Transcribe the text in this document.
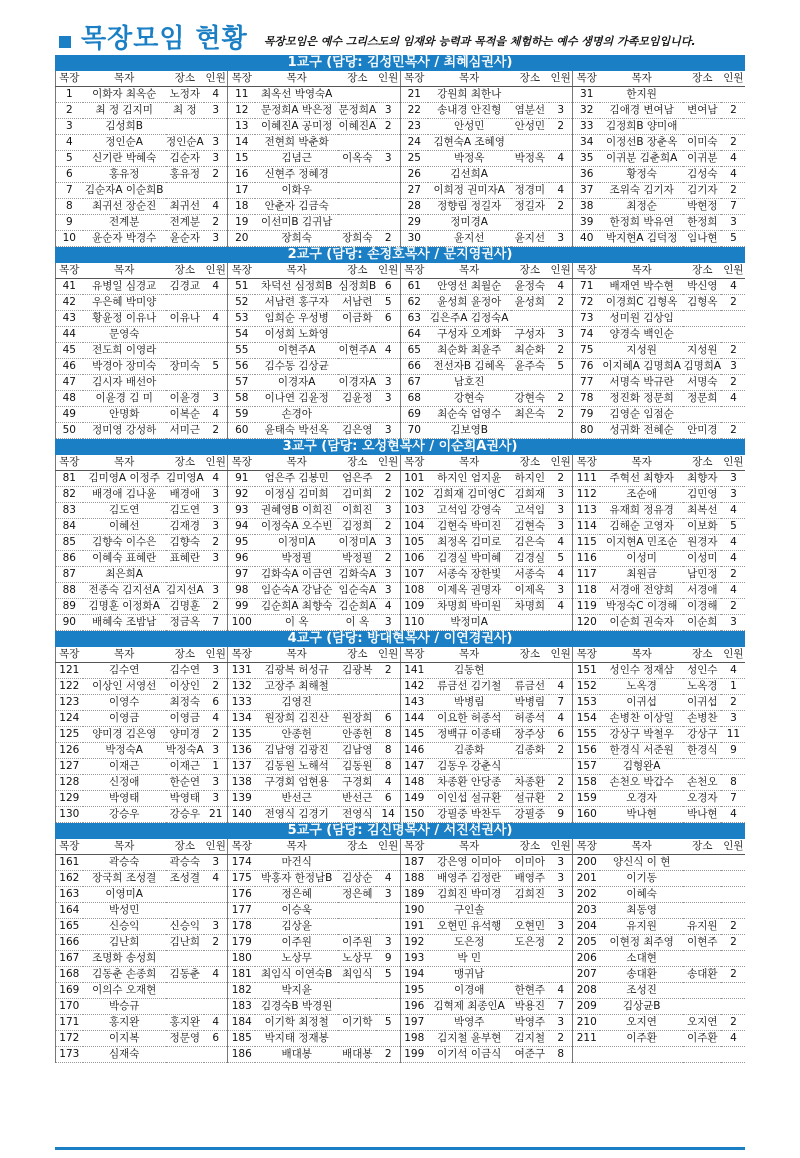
목장모임 현황 목장모임은 예수 그리스도의 임재와 능력과 목적을 체험하는 예수 생명의 가족모임입니다.
1교구 (담당: 김성민목사 / 최혜심권사)
목장	목자	장소	인원	목장	목자	장소	인원	목장	목자	장소	인원	목장	목자	장소	인원
1	이화자 최옥순	노정자	4	11	최옥선 박영숙A			21	강원희 최한나			31	한지원		
2	최 정 김지미	최 정	3	12	문정희A 박은정	문정희A	3	22	송내경 안진형	염분선	3	32	김애경 변여남	변여남	2
3	김성희B			13	이혜진A 공미정	이혜진A	2	23	안성민	안성민	2	33	김정희B 양미애		
4	정인순A	정인순A	3	14	전현희 박춘화			24	김현숙A 조혜영			34	이정선B 장춘옥	이미숙	2
5	신기란 박혜숙	김순자	3	15	김념근	이옥숙	3	25	박정옥	박정옥	4	35	이귀분 김춘희A	이귀분	4
6	홍유정	홍유정	2	16	신현주 정혜경			26	김선희A			36	황정숙	김성숙	4
7	김순자A 이순희B			17	이화우			27	이희정 권미자A	정경미	4	37	조위숙 김기자	김기자	2
8	최귀선 장순진	최귀선	4	18	안춘자 김금숙			28	정향림 정길자	정길자	2	38	최정순	박현정	7
9	전계분	전계분	2	19	이선미B 김귀남			29	정미경A			39	한정희 박유연	한정희	3
10	윤순자 박경수	윤순자	3	20	장희숙	장희숙	2	30	윤지선	윤지선	3	40	박지현A 김덕정	임나현	5
2교구 (담당: 손정호목사 / 문지영권사)
목장	목자	장소	인원	목장	목자	장소	인원	목장	목자	장소	인원	목장	목자	장소	인원
41	유병일 심경교	김경교	4	51	차덕선 심정희B	심정희B	6	61	안영선 최월순	윤정숙	4	71	배재연 박수현	박신영	4
42	우은혜 박미양			52	서남련 홍구자	서남련	5	62	윤성희 윤정아	윤성희	2	72	이경희C 김형옥	김형옥	2
43	황윤정 이유나	이유나	4	53	임희순 우성병	이금화	6	63	김은주A 김정숙A			73	성미원 김상임		
44	문영숙			54	이성희 노화영			64	구성자 오계화	구성자	3	74	양경숙 백인순		
45	전도희 이영라			55	이현주A	이현주A	4	65	최순화 최윤주	최순화	2	75	지성원	지성원	2
46	박경아 장미숙	장미숙	5	56	김수동 김상균			66	전선자B 김혜옥	윤주숙	5	76	이지혜A 김명희A	김명희A	3
47	김시자 배선아			57	이경자A	이경자A	3	67	남호진			77	서명숙 박규란	서명숙	2
48	이윤경 김 미	이윤경	3	58	이나연 김윤정	김윤정	3	68	강현숙	강현숙	2	78	정진화 정문희	정문희	4
49	안명화	이복순	4	59	손경아			69	최순숙 엄영수	최은숙	2	79	김영순 임점순		
50	정미영 강성하	서미근	2	60	윤태숙 박선옥	김은영	3	70	김보영B			80	성귀화 전혜순	안미경	2
3교구 (담당: 오성현목사 / 이순희A권사)
목장	목자	장소	인원	목장	목자	장소	인원	목장	목자	장소	인원	목장	목자	장소	인원
81	김미영A 이정주	김미영A	4	91	엄은주 김봉민	엄은주	2	101	하지인 엄지윤	하지인	2	111	주혁선 최향자	최향자	3
82	배경애 김나윤	배경애	3	92	이정심 김미희	김미희	2	102	김희재 김미영C	김희재	3	112	조순애	김민영	3
83	김도연	김도연	3	93	권혜영B 이희진	이희진	3	103	고석임 강영숙	고석임	3	113	유재희 정유경	최복선	4
84	이혜선	김재경	3	94	이정숙A 오수빈	김정희	2	104	김현숙 박미진	김현숙	3	114	김해순 고영자	이보화	5
85	김향숙 이수은	김향숙	2	95	이정미A	이정미A	3	105	최정옥 김미로	김은숙	4	115	이지현A 민조순	원경자	4
86	이혜숙 표혜란	표혜란	3	96	박정필	박정필	2	106	김경실 박미혜	김경실	5	116	이성미	이성미	4
87	최은희A			97	김화숙A 이금연	김화숙A	3	107	서종숙 장한빛	서종숙	4	117	최원금	남민정	2
88	전종숙 김지선A	김지선A	3	98	임순숙A 강남순	임순숙A	3	108	이제옥 권명자	이제옥	3	118	서경애 전양희	서경애	4
89	김명훈 이정화A	김명훈	2	99	김순희A 최향숙	김순희A	4	109	차명희 박미원	차명희	4	119	박정숙C 이경해	이경해	2
90	배혜숙 조밤남	정금옥	7	100	이 옥	이 옥	3	110	박정미A			120	이순희 권숙자	이순희	3
4교구 (담당: 방대현목사 / 이연경권사)
목장	목자	장소	인원	목장	목자	장소	인원	목장	목자	장소	인원	목장	목자	장소	인원
121	김수연	김수연	3	131	김광복 허성규	김광복	2	141	김동현			151	성인수 정재삼	성인수	4
122	이상인 서영선	이상인	2	132	고장주 최해철			142	류금선 김기철	류금선	4	152	노옥경	노옥경	1
123	이영수	최정숙	6	133	김영진			143	박병림	박병림	7	153	이귀섭	이귀섭	2
124	이영금	이영금	4	134	원장희 김진산	원장희	6	144	이요한 허종석	허종석	4	154	손병찬 이상일	손병찬	3
125	양미경 김은영	양미경	2	135	안종헌	안종헌	8	145	정백규 이종태	장주상	6	155	강상구 박철우	강상구	11
126	박정숙A	박정숙A	3	136	김남영 김광진	김남영	8	146	김종화	김종화	2	156	한경식 서준원	한경식	9
127	이재근	이재근	1	137	김동원 노해석	김동원	8	147	김동우 강춘식			157	김형완A		
128	신정애	한순연	3	138	구경회 엄현용	구경회	4	148	차종환 안당종	차종환	2	158	손천오 박갑수	손천오	8
129	박영태	박영태	3	139	반선근	반선근	6	149	이인섭 설규환	설규환	2	159	오경자	오경자	7
130	강승우	강승우	21	140	전영식 김경기	전영식	14	150	강필중 박찬두	강필중	9	160	박나현	박나현	4
5교구 (담당: 김신명목사 / 서진선권사)
목장	목자	장소	인원	목장	목자	장소	인원	목장	목자	장소	인원	목장	목자	장소	인원
161	곽승숙	곽승숙	3	174	마건식			187	강은영 이미아	이미아	3	200	양신식 이 현		
162	장국희 조성결	조성결	4	175	박홍자 한정남B	김상순	4	188	배영주 김정란	배영주	3	201	이기동		
163	이영미A			176	정은혜	정은혜	3	189	김희진 박미경	김희진	3	202	이혜숙		
164	박성민			177	이승욱			190	구인솔			203	최동영		
165	신승익	신승익	3	178	김상윤			191	오현민 유석행	오현민	3	204	유지원	유지원	2
166	김난희	김난희	2	179	이주원	이주원	3	192	도은정	도은정	2	205	이현정 최주영	이현주	2
167	조명화 송성희			180	노상무	노상무	9	193	박 민			206	소대현		
168	김동춘 손종희	김동춘	4	181	최임식 이연숙B	최임식	5	194	맹귀남			207	송대환	송대환	2
169	이의수 오재현			182	박지윤			195	이경애	한현주	4	208	조성진		
170	박승규			183	김경숙B 박경원			196	김혁제 최종인A	박용진	7	209	김상균B		
171	홍지완	홍지완	4	184	이기학 최정철	이기학	5	197	박영주	박영주	3	210	오지연	오지연	2
172	이지복	정문영	6	185	박지태 정재봉			198	김지철 윤부현	김지철	2	211	이주환	이주환	4
173	심재숙			186	배대봉	배대봉	2	199	이기석 이금식	여준구	8				
